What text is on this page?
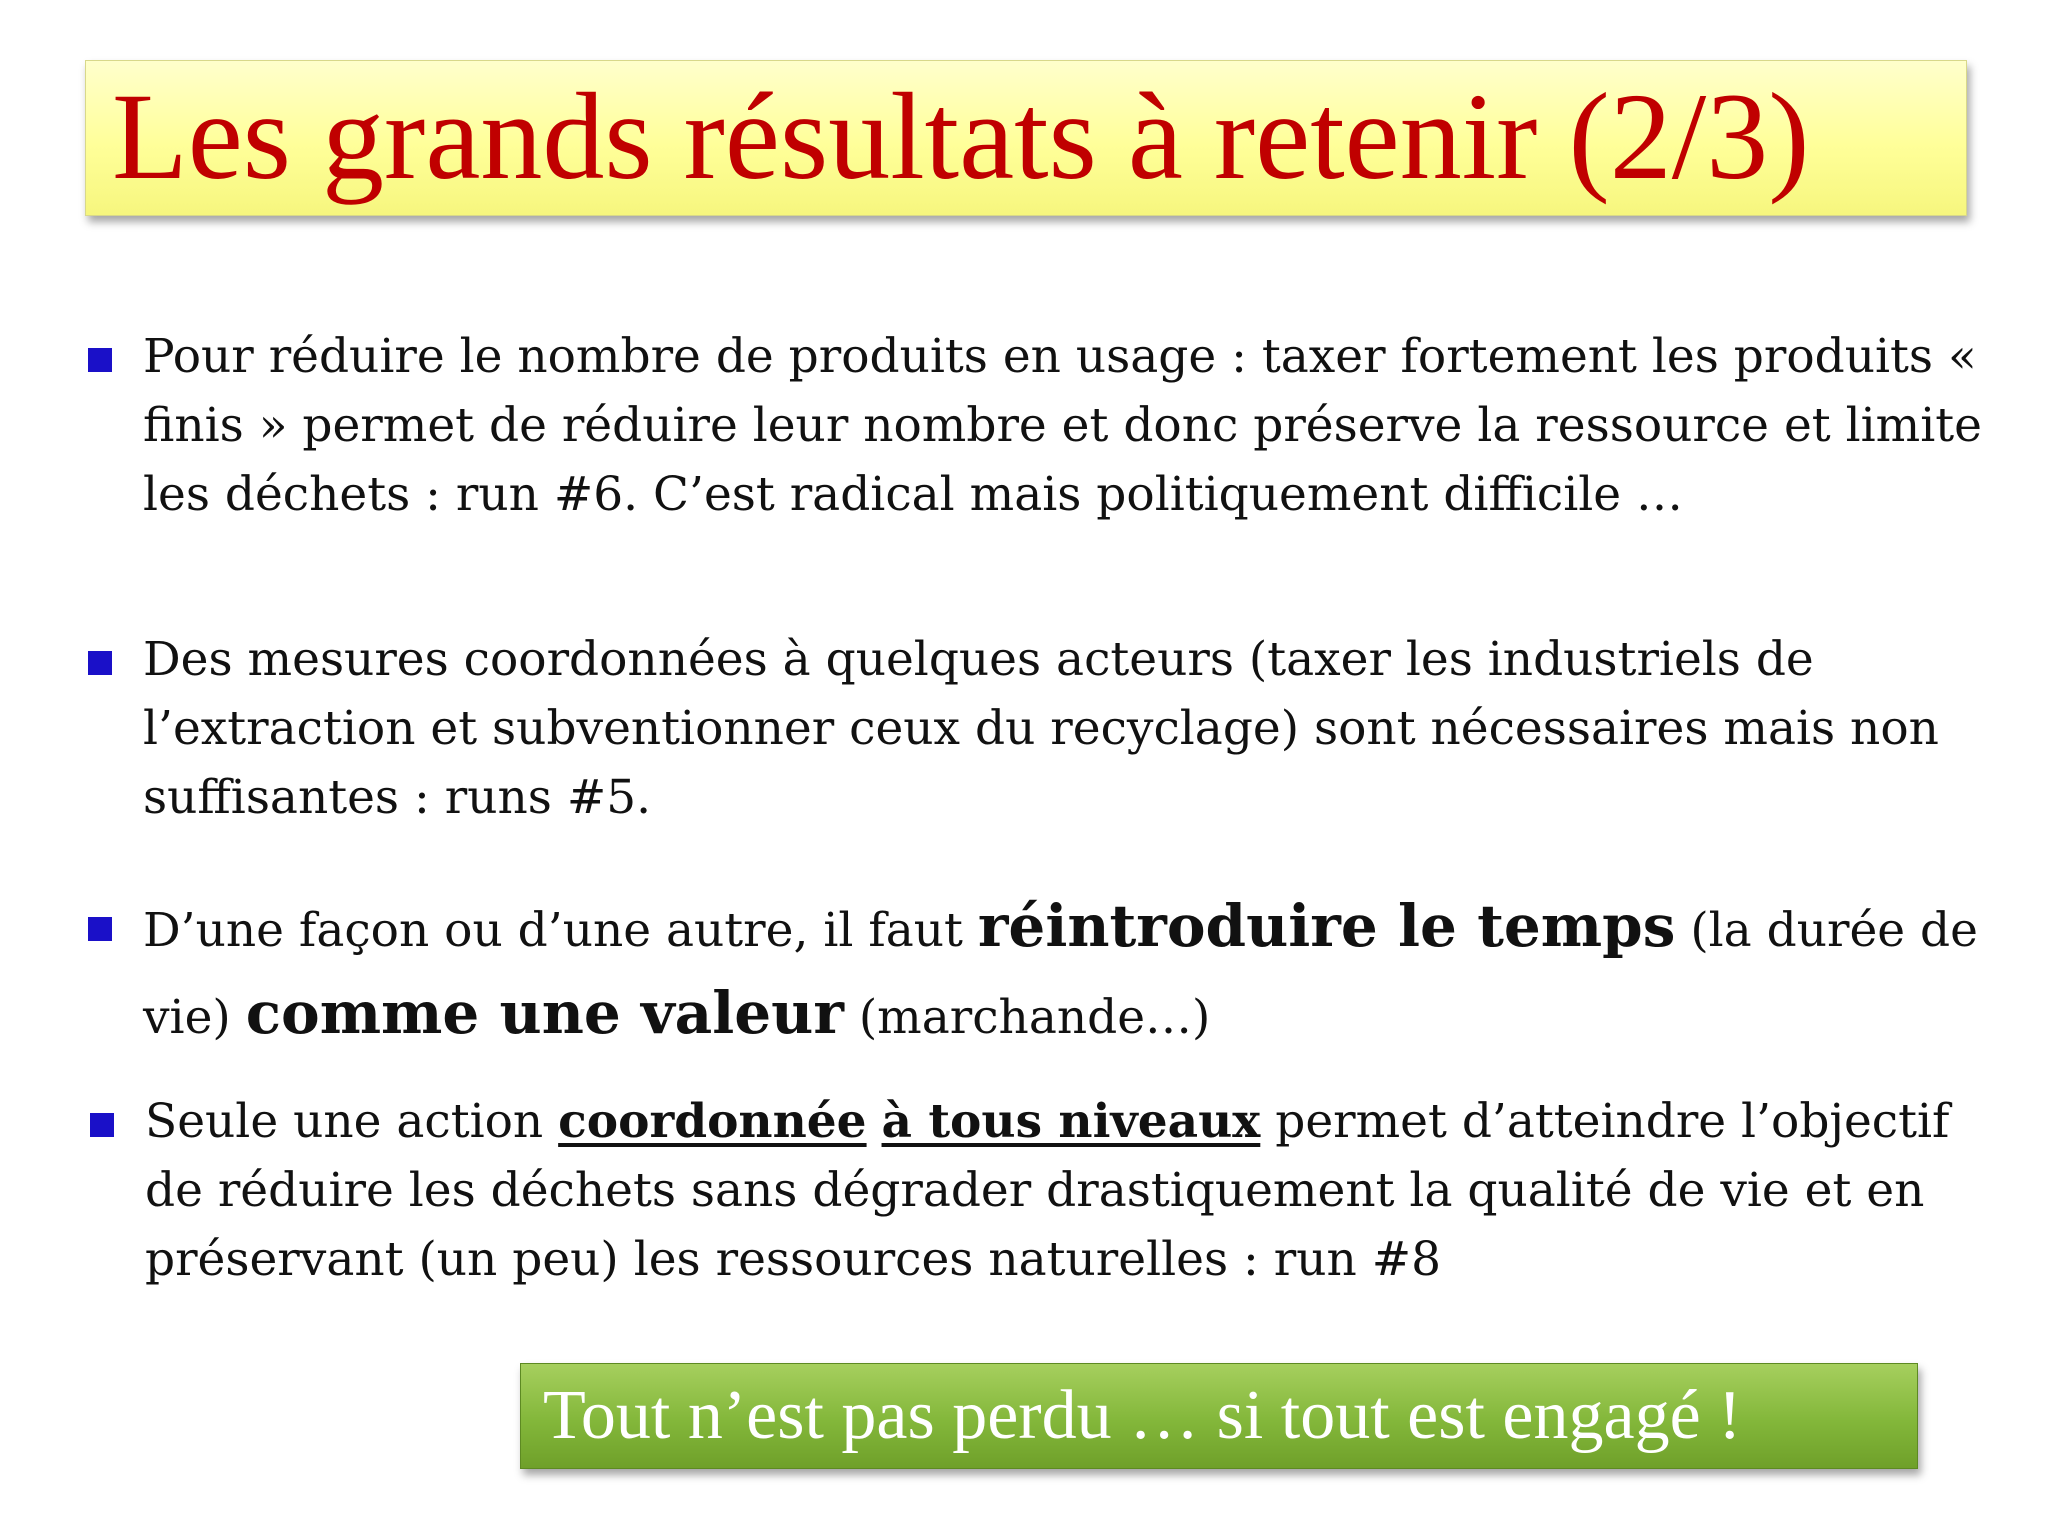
Les grands résultats à retenir (2/3)
Pour réduire le nombre de produits en usage : taxer fortement les produits « finis » permet de réduire leur nombre et donc préserve la ressource et limite les déchets : run #6. C’est radical mais politiquement difficile …
Des mesures coordonnées à quelques acteurs (taxer les industriels de l’extraction et subventionner ceux du recyclage) sont nécessaires mais non suffisantes : runs #5.
D’une façon ou d’une autre, il faut réintroduire le temps (la durée de vie) comme une valeur (marchande…)
Seule une action coordonnée à tous niveaux permet d’atteindre l’objectif de réduire les déchets sans dégrader drastiquement la qualité de vie et en préservant (un peu) les ressources naturelles : run #8
Tout n’est pas perdu … si tout est engagé !
